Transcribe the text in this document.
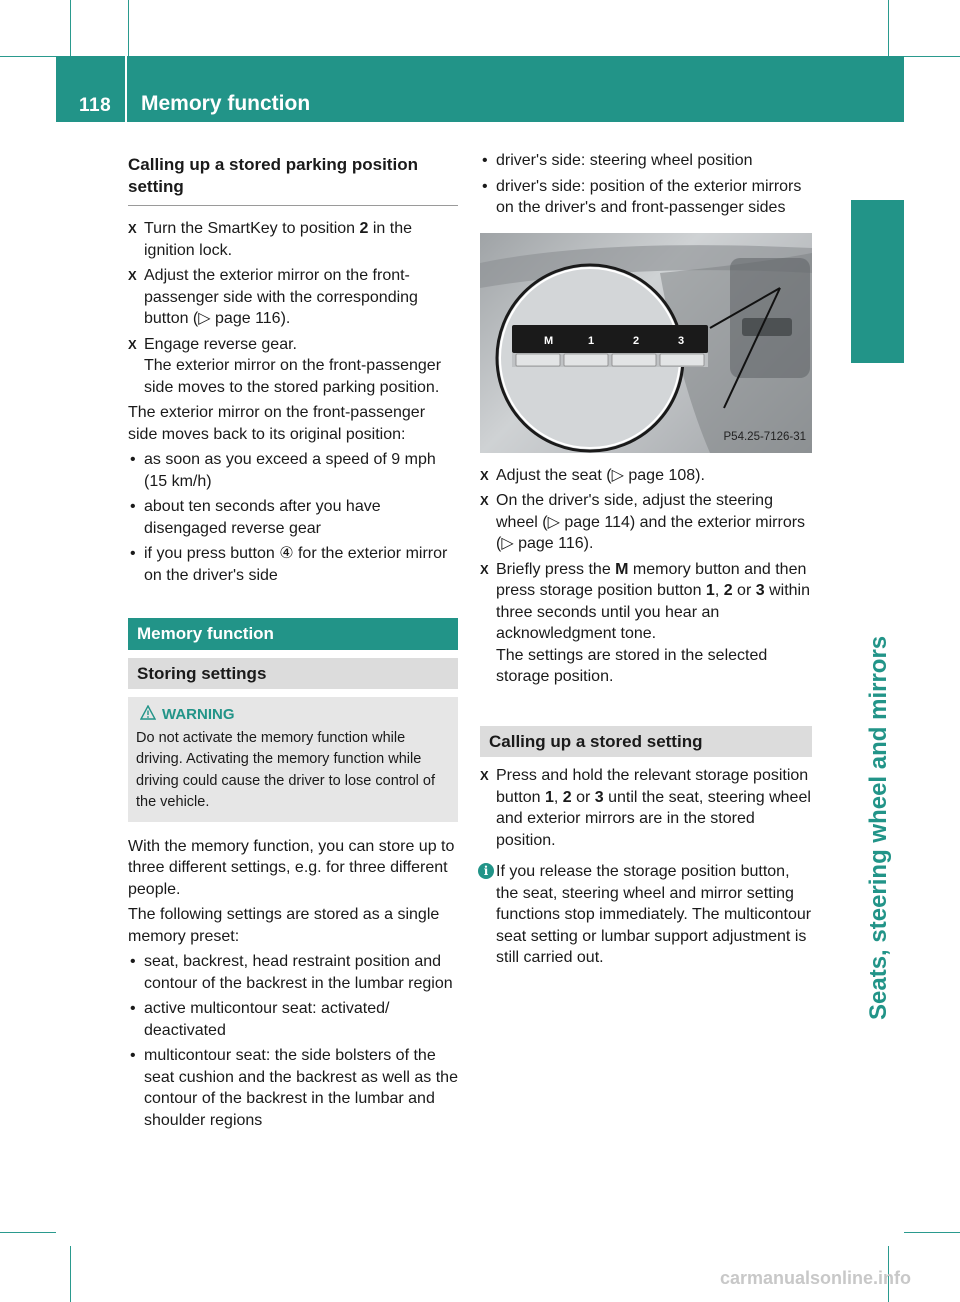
118 Memory function
Seats, steering wheel and mirrors
Calling up a stored parking position setting
X Turn the SmartKey to position 2 in the ignition lock.
X Adjust the exterior mirror on the front-passenger side with the corresponding button (▷ page 116).
X Engage reverse gear.
The exterior mirror on the front-passenger side moves to the stored parking position.
The exterior mirror on the front-passenger side moves back to its original position:
• as soon as you exceed a speed of 9 mph (15 km/h)
• about ten seconds after you have disengaged reverse gear
• if you press button ④ for the exterior mirror on the driver's side
Memory function
Storing settings
WARNING
Do not activate the memory function while driving. Activating the memory function while driving could cause the driver to lose control of the vehicle.
With the memory function, you can store up to three different settings, e.g. for three different people.
The following settings are stored as a single memory preset:
• seat, backrest, head restraint position and contour of the backrest in the lumbar region
• active multicontour seat: activated/ deactivated
• multicontour seat: the side bolsters of the seat cushion and the backrest as well as the contour of the backrest in the lumbar and shoulder regions
• driver's side: steering wheel position
• driver's side: position of the exterior mirrors on the driver's and front-passenger sides
M	1	2	3
P54.25-7126-31
X Adjust the seat (▷ page 108).
X On the driver's side, adjust the steering wheel (▷ page 114) and the exterior mirrors (▷ page 116).
X Briefly press the M memory button and then press storage position button 1, 2 or 3 within three seconds until you hear an acknowledgment tone.
The settings are stored in the selected storage position.
Calling up a stored setting
X Press and hold the relevant storage position button 1, 2 or 3 until the seat, steering wheel and exterior mirrors are in the stored position.
i If you release the storage position button, the seat, steering wheel and mirror setting functions stop immediately. The multicontour seat setting or lumbar support adjustment is still carried out.
carmanualsonline.info
